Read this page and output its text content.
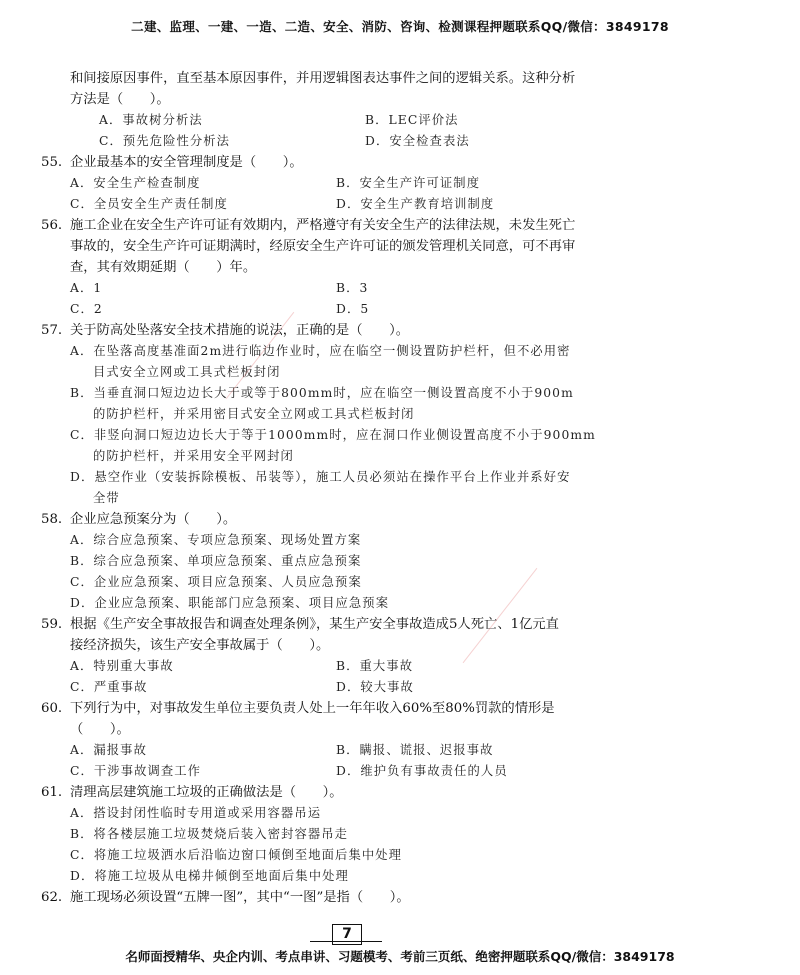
二建、监理、一建、一造、二造、安全、消防、咨询、检测课程押题联系QQ/微信：3849178
和间接原因事件，直至基本原因事件，并用逻辑图表达事件之间的逻辑关系。这种分析
方法是（　　）。
A．事故树分析法	B．LEC评价法
C．预先危险性分析法	D．安全检查表法
55. 企业最基本的安全管理制度是（　　）。
A．安全生产检查制度	B．安全生产许可证制度
C．全员安全生产责任制度	D．安全生产教育培训制度
56. 施工企业在安全生产许可证有效期内，严格遵守有关安全生产的法律法规，未发生死亡
事故的，安全生产许可证期满时，经原安全生产许可证的颁发管理机关同意，可不再审
查，其有效期延期（　　）年。
A．1	B．3
C．2	D．5
57. 关于防高处坠落安全技术措施的说法，正确的是（　　）。
A．在坠落高度基准面2m进行临边作业时，应在临空一侧设置防护栏杆，但不必用密
目式安全立网或工具式栏板封闭
B．当垂直洞口短边边长大于或等于800mm时，应在临空一侧设置高度不小于900m
的防护栏杆，并采用密目式安全立网或工具式栏板封闭
C．非竖向洞口短边边长大于等于1000mm时，应在洞口作业侧设置高度不小于900mm
的防护栏杆，并采用安全平网封闭
D．悬空作业（安装拆除模板、吊装等），施工人员必须站在操作平台上作业并系好安
全带
58. 企业应急预案分为（　　）。
A．综合应急预案、专项应急预案、现场处置方案
B．综合应急预案、单项应急预案、重点应急预案
C．企业应急预案、项目应急预案、人员应急预案
D．企业应急预案、职能部门应急预案、项目应急预案
59. 根据《生产安全事故报告和调查处理条例》，某生产安全事故造成5人死亡、1亿元直
接经济损失，该生产安全事故属于（　　）。
A．特别重大事故	B．重大事故
C．严重事故	D．较大事故
60. 下列行为中，对事故发生单位主要负责人处上一年年收入60%至80%罚款的情形是
（　　）。
A．漏报事故	B．瞒报、谎报、迟报事故
C．干涉事故调查工作	D．维护负有事故责任的人员
61. 清理高层建筑施工垃圾的正确做法是（　　）。
A．搭设封闭性临时专用道或采用容器吊运
B．将各楼层施工垃圾焚烧后装入密封容器吊走
C．将施工垃圾洒水后沿临边窗口倾倒至地面后集中处理
D．将施工垃圾从电梯井倾倒至地面后集中处理
62. 施工现场必须设置“五牌一图”，其中“一图”是指（　　）。
7
名师面授精华、央企内训、考点串讲、习题模考、考前三页纸、绝密押题联系QQ/微信：3849178
